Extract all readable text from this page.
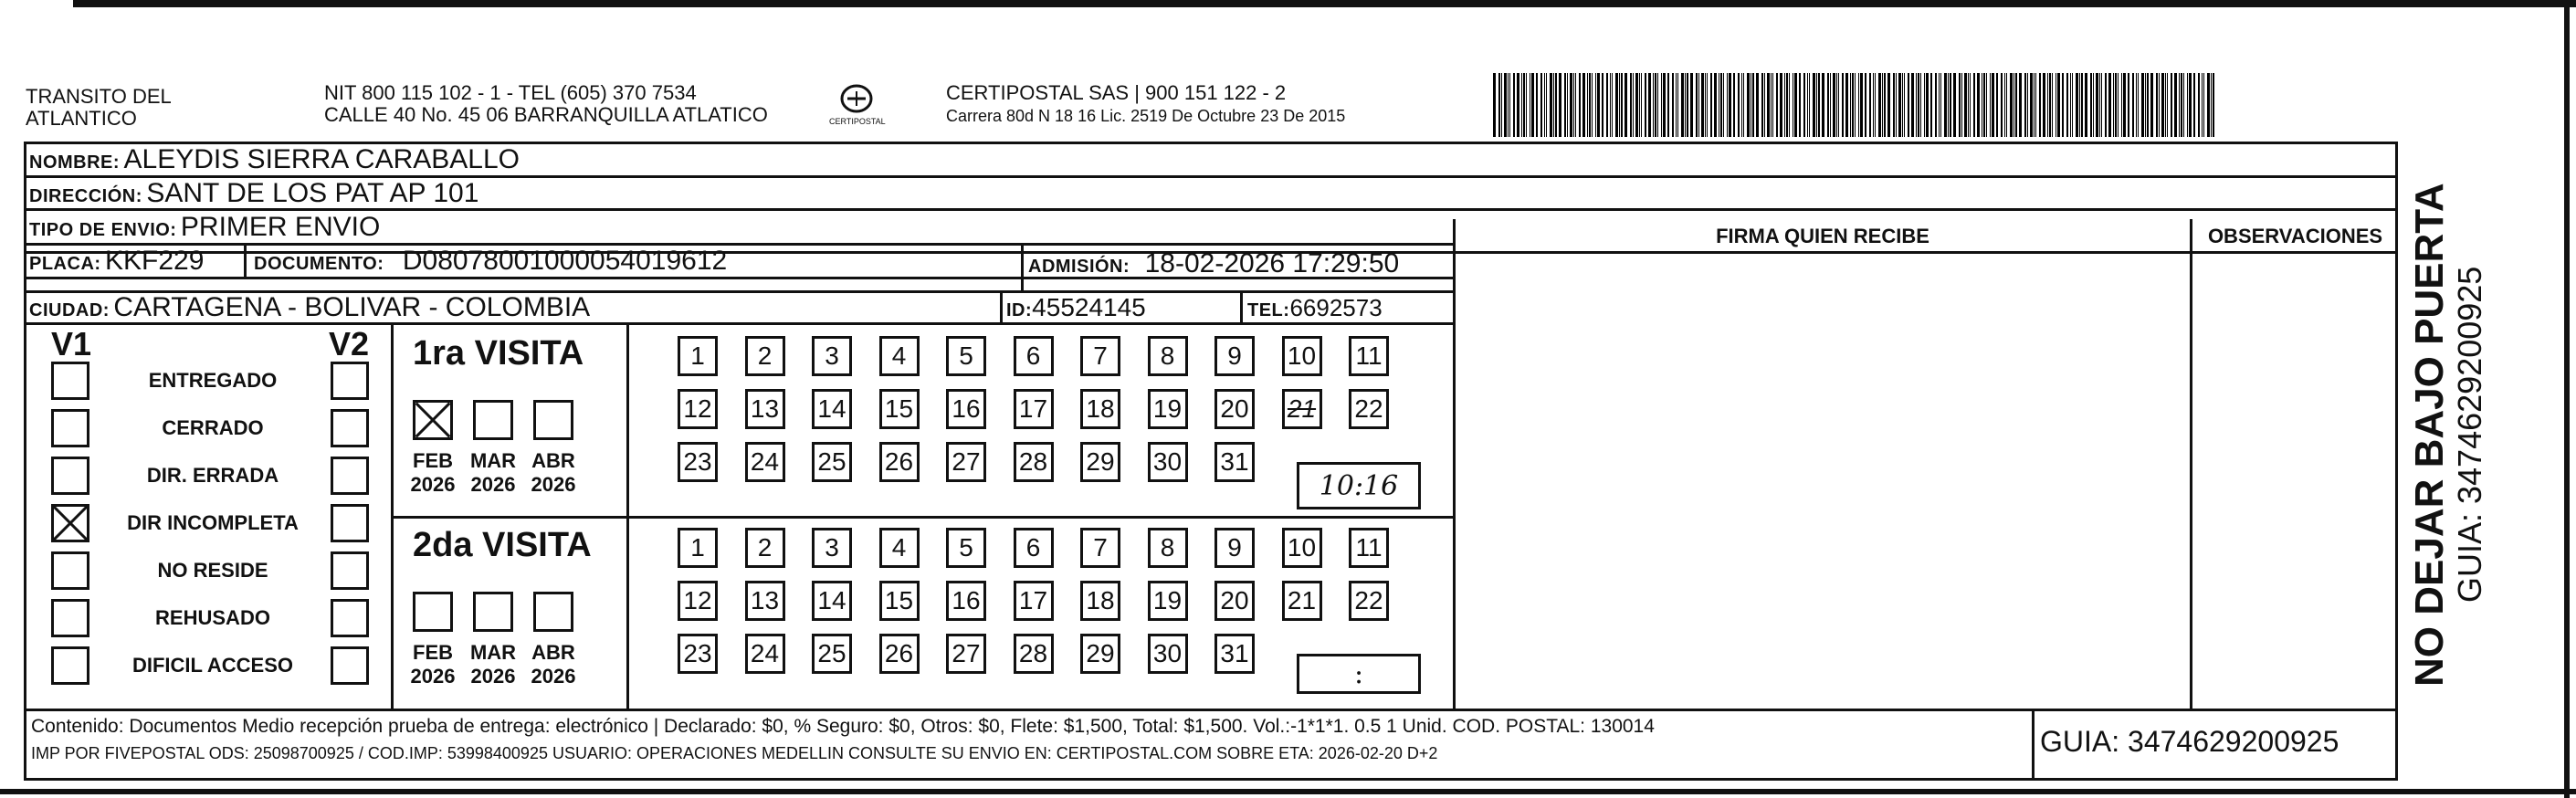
TRANSITO DEL
ATLANTICO
NIT 800 115 102 - 1 - TEL (605) 370 7534
CALLE 40 No. 45 06 BARRANQUILLA ATLATICO	CERTIPOSTAL
CERTIPOSTAL SAS | 900 151 122 - 2
Carrera 80d N 18 16 Lic. 2519 De Octubre 23 De 2015
NOMBRE: ALEYDIS SIERRA CARABALLO
DIRECCIÓN: SANT DE LOS PAT AP 101
TIPO DE ENVIO: PRIMER ENVIO
PLACA: KKF229	DOCUMENTO: D080780010000540196​12	ADMISIÓN: 18-02-2026 17:29:50
CIUDAD: CARTAGENA - BOLIVAR - COLOMBIA	ID:45524145	TEL:6692573
FIRMA QUIEN RECIBE	OBSERVACIONES
V1	V2
ENTREGADO
CERRADO
DIR. ERRADA
DIR INCOMPLETA
NO RESIDE
REHUSADO
DIFICIL ACCESO
1ra VISITA
2da VISITA
FEB
2026
MAR
2026
ABR
2026
FEB
2026
MAR
2026
ABR
2026
1	2	3	4	5	6	7	8	9	10 11
12 13 14 15 16 17 18 19 20 21 22
23 24 25 26 27 28 29 30 31
1	2	3	4	5	6	7	8	9	10 11
12 13 14 15 16 17 18 19 20 21 22
23 24 25 26 27 28 29 30 31
10:16
:
Contenido: Documentos Medio recepción prueba de entrega: electrónico | Declarado: $0, % Seguro: $0, Otros: $0, Flete: $1,500, Total: $1,500. Vol.:-1*1*1. 0.5 1 Unid. COD. POSTAL: 130014
IMP POR FIVEPOSTAL ODS: 25098700925 / COD.IMP: 53998400925 USUARIO: OPERACIONES MEDELLIN CONSULTE SU ENVIO EN: CERTIPOSTAL.COM SOBRE ETA: 2026-02-20 D+2	GUIA: 3474629200925
NO DEJAR BAJO PUERTA GUIA: 3474629200925
